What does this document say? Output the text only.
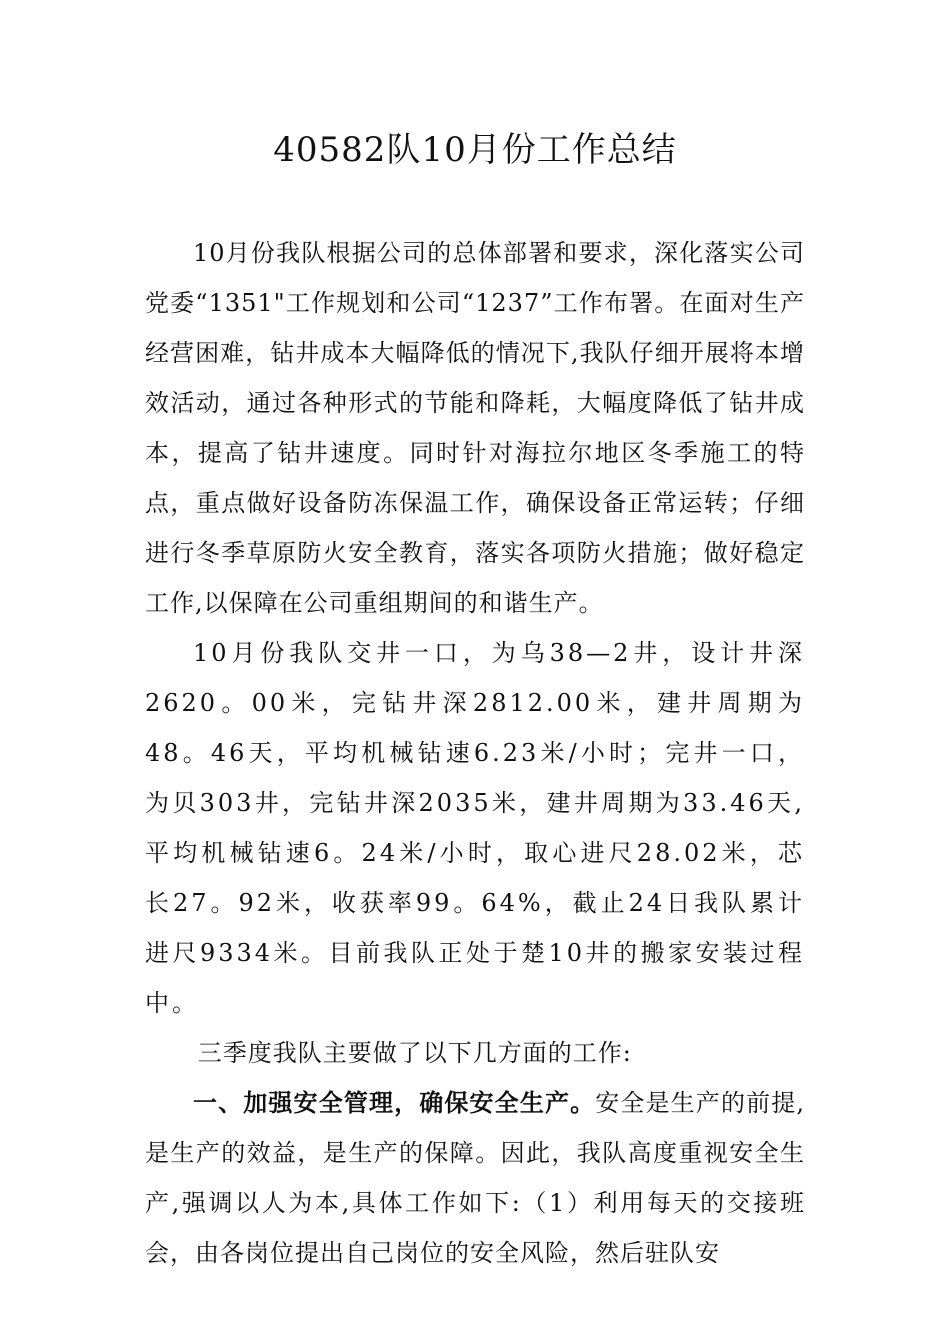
40582队10月份工作总结

10月份我队根据公司的总体部署和要求，深化落实公司党委“1351"工作规划和公司“1237”工作布署。在面对生产经营困难，钻井成本大幅降低的情况下,我队仔细开展将本增效活动，通过各种形式的节能和降耗，大幅度降低了钻井成本，提高了钻井速度。同时针对海拉尔地区冬季施工的特点，重点做好设备防冻保温工作，确保设备正常运转；仔细进行冬季草原防火安全教育，落实各项防火措施；做好稳定工作,以保障在公司重组期间的和谐生产。

10月份我队交井一口，为乌38—2井，设计井深2620。00米，完钻井深2812.00米，建井周期为48。46天，平均机械钻速6.23米/小时；完井一口，为贝303井，完钻井深2035米，建井周期为33.46天,平均机械钻速6。24米/小时，取心进尺28.02米，芯长27。92米，收获率99。64%，截止24日我队累计进尺9334米。目前我队正处于楚10井的搬家安装过程中。

三季度我队主要做了以下几方面的工作:

一、加强安全管理，确保安全生产。安全是生产的前提,是生产的效益，是生产的保障。因此，我队高度重视安全生产,强调以人为本,具体工作如下:（1）利用每天的交接班会，由各岗位提出自己岗位的安全风险，然后驻队安
